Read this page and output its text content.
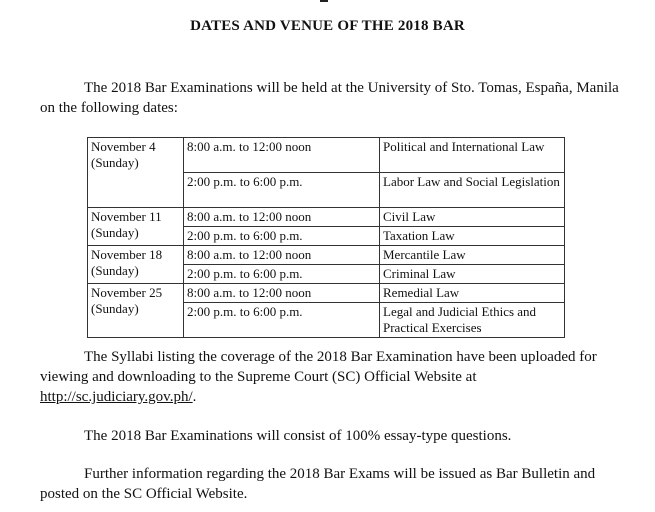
DATES AND VENUE OF THE 2018 BAR

The 2018 Bar Examinations will be held at the University of Sto. Tomas, España, Manila on the following dates:

November 4
(Sunday)	8:00 a.m. to 12:00 noon	Political and International Law
	2:00 p.m. to 6:00 p.m.	Labor Law and Social Legislation
November 11
(Sunday)	8:00 a.m. to 12:00 noon	Civil Law
	2:00 p.m. to 6:00 p.m.	Taxation Law
November 18
(Sunday)	8:00 a.m. to 12:00 noon	Mercantile Law
	2:00 p.m. to 6:00 p.m.	Criminal Law
November 25
(Sunday)	8:00 a.m. to 12:00 noon	Remedial Law
	2:00 p.m. to 6:00 p.m.	Legal and Judicial Ethics and Practical Exercises

The Syllabi listing the coverage of the 2018 Bar Examination have been uploaded for viewing and downloading to the Supreme Court (SC) Official Website at http://sc.judiciary.gov.ph/.

The 2018 Bar Examinations will consist of 100% essay-type questions.

Further information regarding the 2018 Bar Exams will be issued as Bar Bulletin and posted on the SC Official Website.
